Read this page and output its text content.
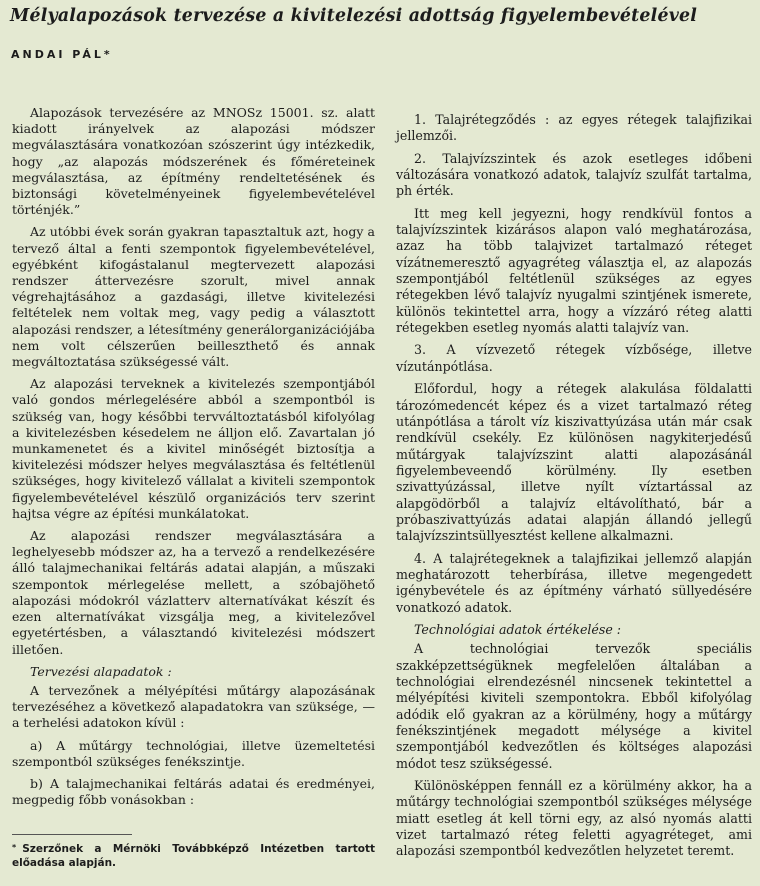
Mélyalapozások tervezése a kivitelezési adottság figyelembevételével
ANDAI PÁL*

Alapozások tervezésére az MNOSz 15001. sz. alatt kiadott irányelvek az alapozási módszer megválasztására vonatkozóan szószerint úgy intézkedik, hogy „az alapozás módszerének és főméreteinek megválasztása, az építmény rendeltetésének és biztonsági követelményeinek figyelembevételével történjék.”

Az utóbbi évek során gyakran tapasztaltuk azt, hogy a tervező által a fenti szempontok figyelembevételével, egyébként kifogástalanul megtervezett alapozási rendszer áttervezésre szorult, mivel annak végrehajtásához a gazdasági, illetve kivitelezési feltételek nem voltak meg, vagy pedig a választott alapozási rendszer, a létesítmény generálorganizációjába nem volt célszerűen beilleszthető és annak megváltoztatása szükségessé vált.

Az alapozási terveknek a kivitelezés szempontjából való gondos mérlegelésére abból a szempontból is szükség van, hogy későbbi tervváltoztatásból kifolyólag a kivitelezésben késedelem ne álljon elő. Zavartalan jó munkamenetet és a kivitel minőségét biztosítja a kivitelezési módszer helyes megválasztása és feltétlenül szükséges, hogy kivitelező vállalat a kiviteli szempontok figyelembevételével készülő organizációs terv szerint hajtsa végre az építési munkálatokat.

Az alapozási rendszer megválasztására a leghelyesebb módszer az, ha a tervező a rendelkezésére álló talajmechanikai feltárás adatai alapján, a műszaki szempontok mérlegelése mellett, a szóbajöhető alapozási módokról vázlatterv alternatívákat készít és ezen alternatívákat vizsgálja meg, a kivitelezővel egyetértésben, a választandó kivitelezési módszert illetően.

Tervezési alapadatok :

A tervezőnek a mélyépítési műtárgy alapozásának tervezéséhez a következő alapadatokra van szüksége, — a terhelési adatokon kívül :

a) A műtárgy technológiai, illetve üzemeltetési szempontból szükséges fenékszintje.

b) A talajmechanikai feltárás adatai és eredményei, megpedig főbb vonásokban :

* Szerzőnek a Mérnöki Továbbképző Intézetben tartott előadása alapján.

1. Talajrétegződés : az egyes rétegek talajfizikai jellemzői.

2. Talajvízszintek és azok esetleges időbeni változására vonatkozó adatok, talajvíz szulfát tartalma, ph érték.

Itt meg kell jegyezni, hogy rendkívül fontos a talajvízszintek kizárásos alapon való meghatározása, azaz ha több talajvizet tartalmazó réteget vízátnemeresztő agyagréteg választja el, az alapozás szempontjából feltétlenül szükséges az egyes rétegekben lévő talajvíz nyugalmi szintjének ismerete, különös tekintettel arra, hogy a vízzáró réteg alatti rétegekben esetleg nyomás alatti talajvíz van.

3. A vízvezető rétegek vízbősége, illetve vízutánpótlása.

Előfordul, hogy a rétegek alakulása földalatti tározómedencét képez és a vizet tartalmazó réteg utánpótlása a tárolt víz kiszivattyúzása után már csak rendkívül csekély. Ez különösen nagykiterjedésű műtárgyak talajvízszint alatti alapozásánál figyelembeveendő körülmény. Ily esetben szivattyúzással, illetve nyílt víztartással az alapgödörből a talajvíz eltávolítható, bár a próbaszivattyúzás adatai alapján állandó jellegű talajvízszintsüllyesztést kellene alkalmazni.

4. A talajrétegeknek a talajfizikai jellemző alapján meghatározott teherbírása, illetve megengedett igénybevétele és az építmény várható süllyedésére vonatkozó adatok.

Technológiai adatok értékelése :

A technológiai tervezők speciális szakképzettségüknek megfelelően általában a technológiai elrendezésnél nincsenek tekintettel a mélyépítési kiviteli szempontokra. Ebből kifolyólag adódik elő gyakran az a körülmény, hogy a műtárgy fenékszintjének megadott mélysége a kivitel szempontjából kedvezőtlen és költséges alapozási módot tesz szükségessé.

Különösképpen fennáll ez a körülmény akkor, ha a műtárgy technológiai szempontból szükséges mélysége miatt esetleg át kell törni egy, az alsó nyomás alatti vizet tartalmazó réteg feletti agyagréteget, ami alapozási szempontból kedvezőtlen helyzetet teremt.
